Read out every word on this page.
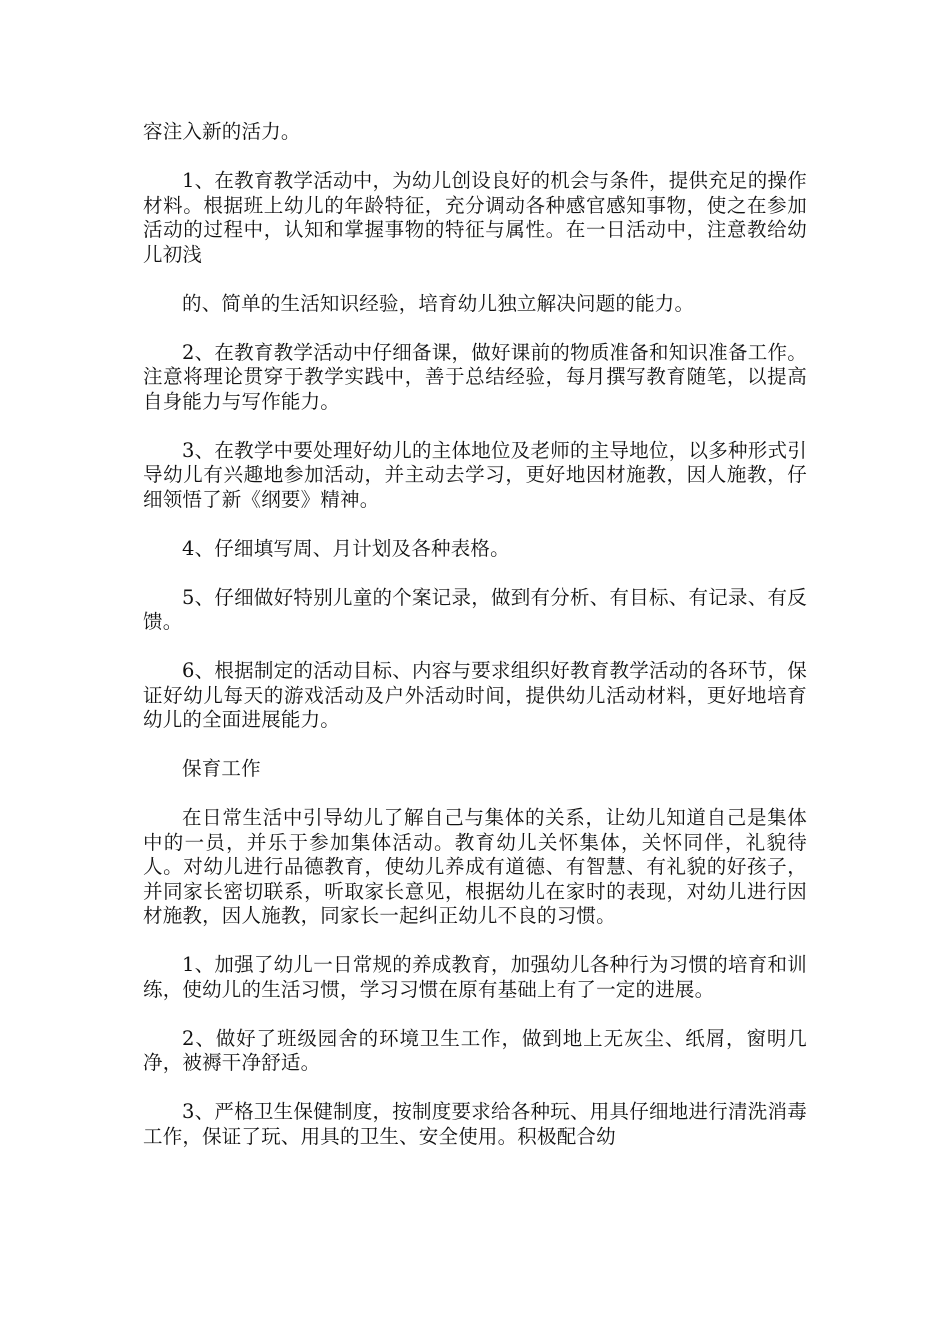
容注入新的活力。

1、在教育教学活动中，为幼儿创设良好的机会与条件，提供充足的操作材料。根据班上幼儿的年龄特征，充分调动各种感官感知事物，使之在参加活动的过程中，认知和掌握事物的特征与属性。在一日活动中，注意教给幼儿初浅

的、简单的生活知识经验，培育幼儿独立解决问题的能力。

2、在教育教学活动中仔细备课，做好课前的物质准备和知识准备工作。注意将理论贯穿于教学实践中，善于总结经验，每月撰写教育随笔，以提高自身能力与写作能力。

3、在教学中要处理好幼儿的主体地位及老师的主导地位，以多种形式引导幼儿有兴趣地参加活动，并主动去学习，更好地因材施教，因人施教，仔细领悟了新《纲要》精神。

4、仔细填写周、月计划及各种表格。

5、仔细做好特别儿童的个案记录，做到有分析、有目标、有记录、有反馈。

6、根据制定的活动目标、内容与要求组织好教育教学活动的各环节，保证好幼儿每天的游戏活动及户外活动时间，提供幼儿活动材料，更好地培育幼儿的全面进展能力。

保育工作

在日常生活中引导幼儿了解自己与集体的关系，让幼儿知道自己是集体中的一员，并乐于参加集体活动。教育幼儿关怀集体，关怀同伴，礼貌待人。对幼儿进行品德教育，使幼儿养成有道德、有智慧、有礼貌的好孩子，并同家长密切联系，听取家长意见，根据幼儿在家时的表现，对幼儿进行因材施教，因人施教，同家长一起纠正幼儿不良的习惯。

1、加强了幼儿一日常规的养成教育，加强幼儿各种行为习惯的培育和训练，使幼儿的生活习惯，学习习惯在原有基础上有了一定的进展。

2、做好了班级园舍的环境卫生工作，做到地上无灰尘、纸屑，窗明几净，被褥干净舒适。

3、严格卫生保健制度，按制度要求给各种玩、用具仔细地进行清洗消毒工作，保证了玩、用具的卫生、安全使用。积极配合幼
